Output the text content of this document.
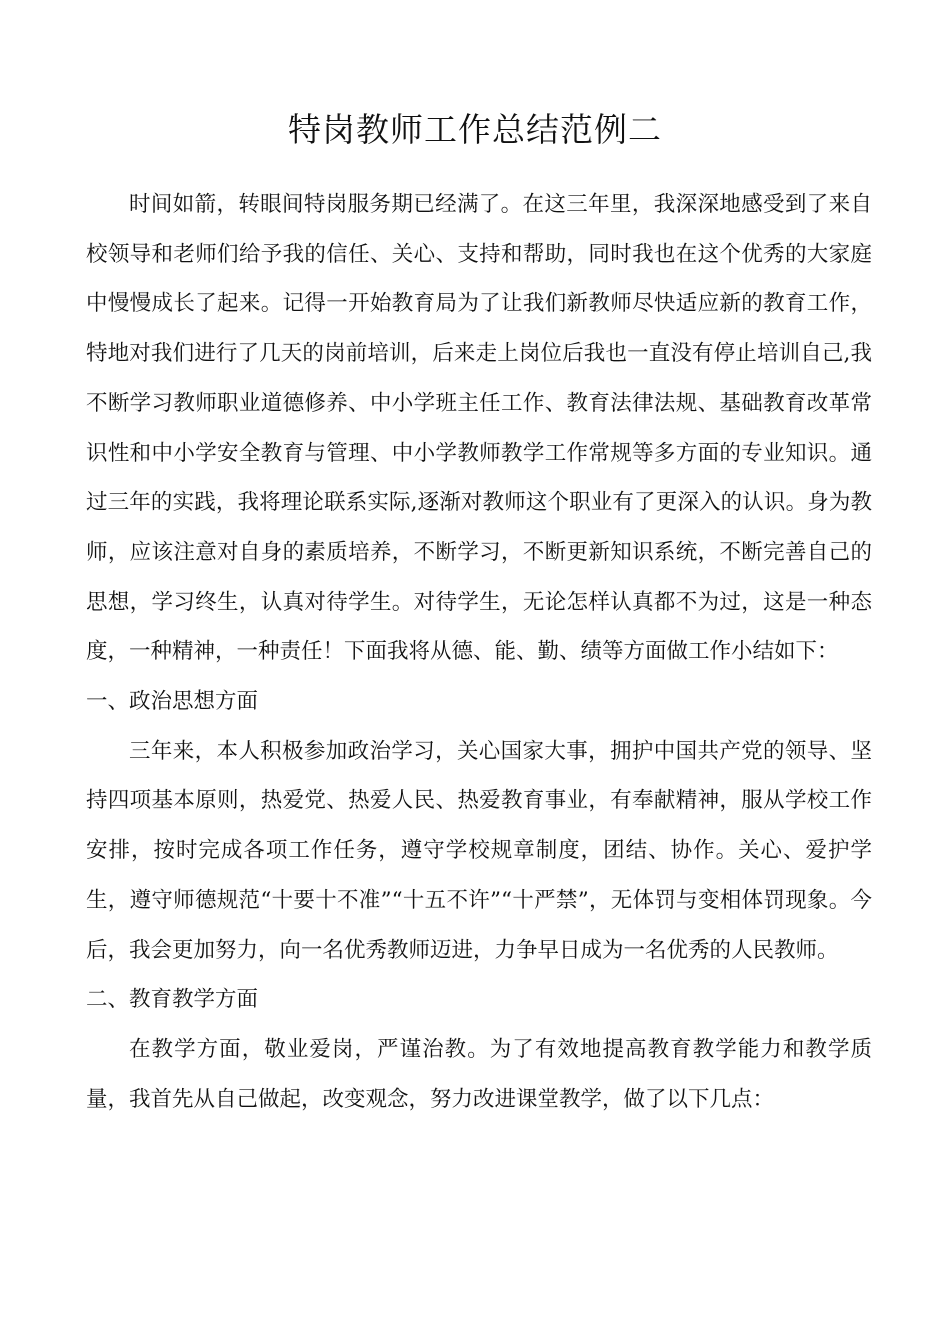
特岗教师工作总结范例二

时间如箭，转眼间特岗服务期已经满了。在这三年里，我深深地感受到了来自校领导和老师们给予我的信任、关心、支持和帮助，同时我也在这个优秀的大家庭中慢慢成长了起来。记得一开始教育局为了让我们新教师尽快适应新的教育工作，特地对我们进行了几天的岗前培训，后来走上岗位后我也一直没有停止培训自己,我不断学习教师职业道德修养、中小学班主任工作、教育法律法规、基础教育改革常识性和中小学安全教育与管理、中小学教师教学工作常规等多方面的专业知识。通过三年的实践，我将理论联系实际,逐渐对教师这个职业有了更深入的认识。身为教师，应该注意对自身的素质培养，不断学习，不断更新知识系统，不断完善自己的思想，学习终生，认真对待学生。对待学生，无论怎样认真都不为过，这是一种态度，一种精神，一种责任！下面我将从德、能、勤、绩等方面做工作小结如下：

一、政治思想方面

三年来，本人积极参加政治学习，关心国家大事，拥护中国共产党的领导、坚持四项基本原则，热爱党、热爱人民、热爱教育事业，有奉献精神，服从学校工作安排，按时完成各项工作任务，遵守学校规章制度，团结、协作。关心、爱护学生，遵守师德规范“十要十不准”“十五不许”“十严禁”，无体罚与变相体罚现象。今后，我会更加努力，向一名优秀教师迈进，力争早日成为一名优秀的人民教师。

二、教育教学方面

在教学方面，敬业爱岗，严谨治教。为了有效地提高教育教学能力和教学质量，我首先从自己做起，改变观念，努力改进课堂教学，做了以下几点：
